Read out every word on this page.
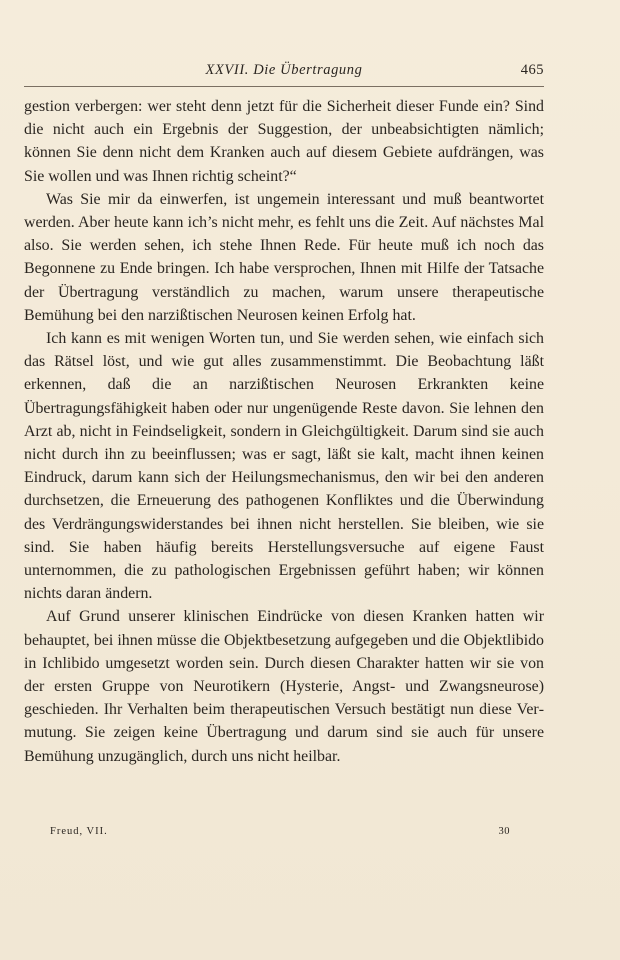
XXVII. Die Übertragung	465

gestion verbergen: wer steht denn jetzt für die Sicherheit dieser Funde ein? Sind die nicht auch ein Ergebnis der Suggestion, der unbeabsichtigten nämlich; können Sie denn nicht dem Kranken auch auf diesem Gebiete aufdrängen, was Sie wollen und was Ihnen richtig scheint?“

Was Sie mir da einwerfen, ist ungemein interessant und muß beantwortet werden. Aber heute kann ich’s nicht mehr, es fehlt uns die Zeit. Auf nächstes Mal also. Sie werden sehen, ich stehe Ihnen Rede. Für heute muß ich noch das Begonnene zu Ende bringen. Ich habe versprochen, Ihnen mit Hilfe der Tatsache der Übertragung verständlich zu machen, warum unsere therapeutische Bemühung bei den narzißtischen Neurosen keinen Erfolg hat.

Ich kann es mit wenigen Worten tun, und Sie werden sehen, wie einfach sich das Rätsel löst, und wie gut alles zusammenstimmt. Die Beobachtung läßt erkennen, daß die an narzißtischen Neurosen Erkrankten keine Übertragungsfähigkeit haben oder nur ungenügende Reste davon. Sie lehnen den Arzt ab, nicht in Feindseligkeit, sondern in Gleichgültigkeit. Darum sind sie auch nicht durch ihn zu beeinflussen; was er sagt, läßt sie kalt, macht ihnen keinen Eindruck, darum kann sich der Heilungsmechanismus, den wir bei den anderen durchsetzen, die Erneuerung des pathogenen Konfliktes und die Überwindung des Verdrängungswiderstandes bei ihnen nicht herstellen. Sie bleiben, wie sie sind. Sie haben häufig bereits Herstellungsversuche auf eigene Faust unternommen, die zu pathologischen Ergebnissen geführt haben; wir können nichts daran ändern.

Auf Grund unserer klinischen Eindrücke von diesen Kranken hatten wir behauptet, bei ihnen müsse die Objektbesetzung aufgegeben und die Objektlibido in Ichlibido umgesetzt worden sein. Durch diesen Charakter hatten wir sie von der ersten Gruppe von Neurotikern (Hysterie, Angst- und Zwangsneurose) geschieden. Ihr Verhalten beim therapeutischen Versuch bestätigt nun diese Vermutung. Sie zeigen keine Übertragung und darum sind sie auch für unsere Bemühung unzugänglich, durch uns nicht heilbar.

Freud, VII.	30
